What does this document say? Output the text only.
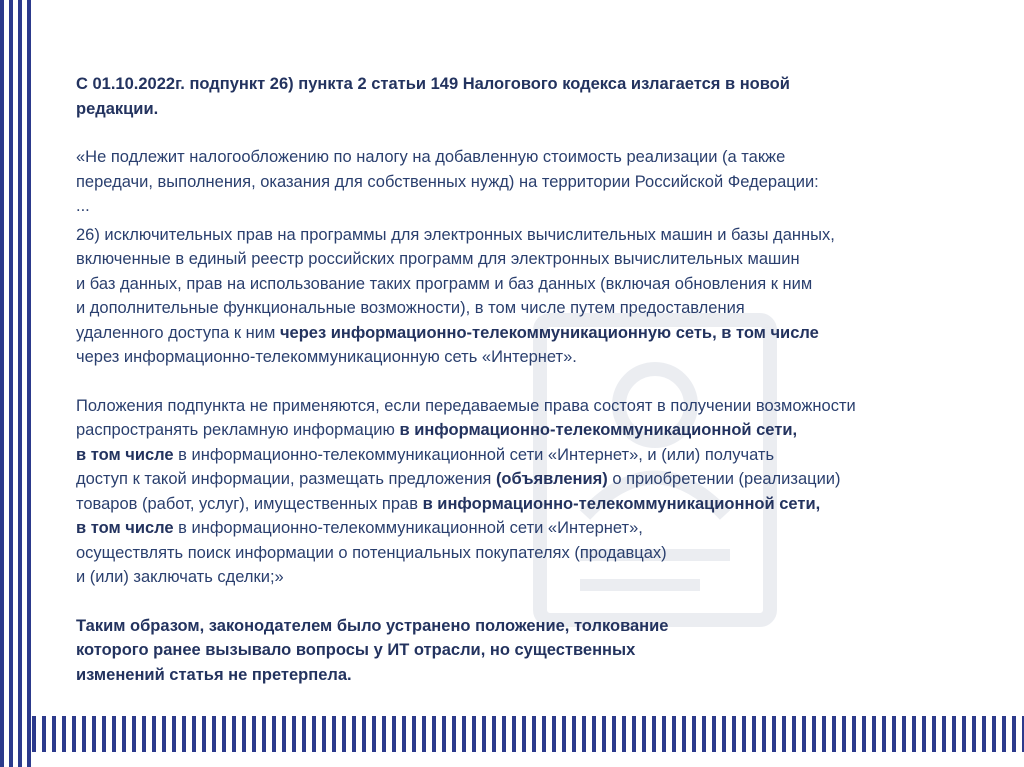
С 01.10.2022г. подпункт 26) пункта 2 статьи 149 Налогового кодекса излагается в новой

редакции.

«Не подлежит налогообложению по налогу на добавленную стоимость реализации (а также

передачи, выполнения, оказания для собственных нужд) на территории Российской Федерации:

...

26) исключительных прав на программы для электронных вычислительных машин и базы данных,

включенные в единый реестр российских программ для электронных вычислительных машин

и баз данных, прав на использование таких программ и баз данных (включая обновления к ним

и дополнительные функциональные возможности), в том числе путем предоставления

удаленного доступа к ним через информационно-телекоммуникационную сеть, в том числе

через информационно-телекоммуникационную сеть «Интернет».

Положения подпункта не применяются, если передаваемые права состоят в получении возможности

распространять рекламную информацию в информационно-телекоммуникационной сети,

в том числе в информационно-телекоммуникационной сети «Интернет», и (или) получать

доступ к такой информации, размещать предложения (объявления) о приобретении (реализации)

товаров (работ, услуг), имущественных прав в информационно-телекоммуникационной сети,

в том числе в информационно-телекоммуникационной сети «Интернет»,

осуществлять поиск информации о потенциальных покупателях (продавцах)

и (или) заключать сделки;»

Таким образом, законодателем было устранено положение, толкование

которого ранее вызывало вопросы у ИТ отрасли, но существенных

изменений статья не претерпела.
